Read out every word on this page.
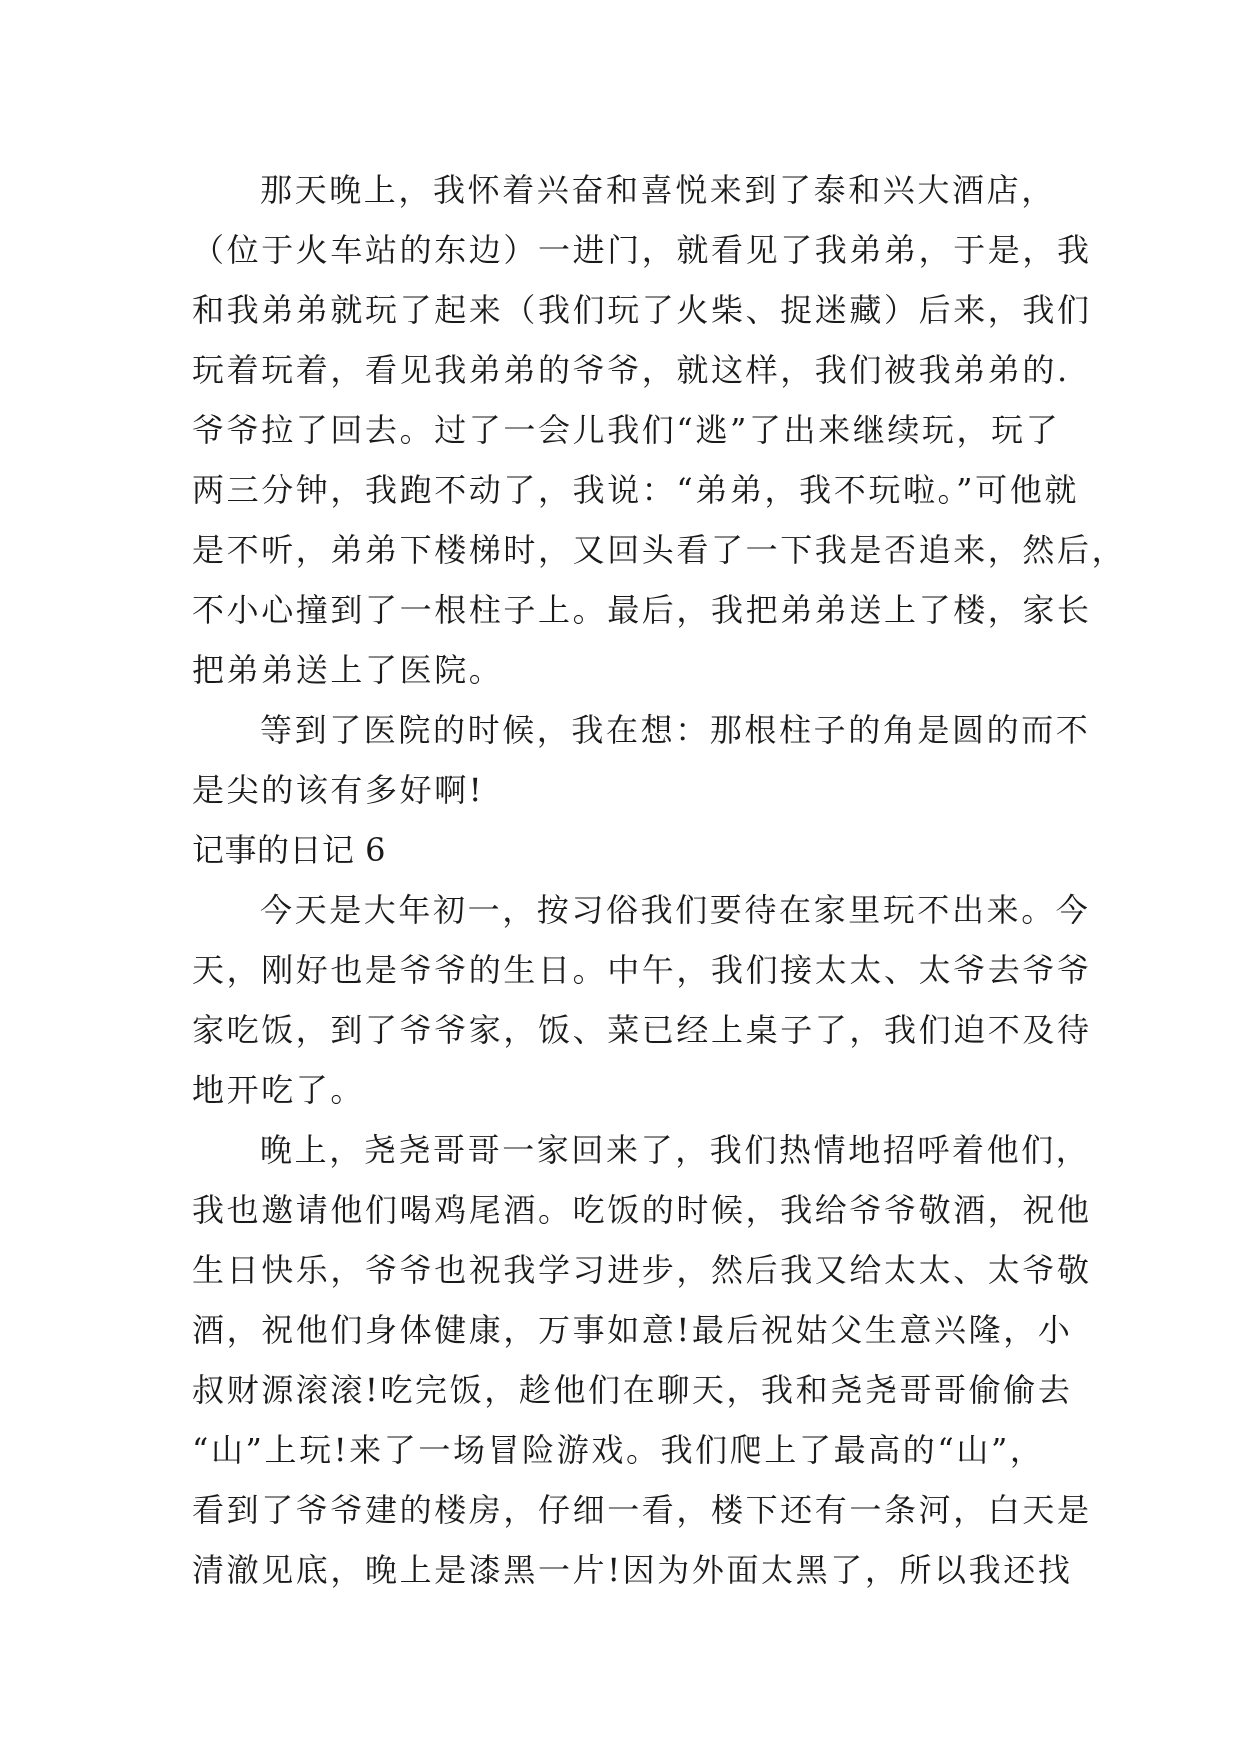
那天晚上，我怀着兴奋和喜悦来到了泰和兴大酒店，
（位于火车站的东边）一进门，就看见了我弟弟，于是，我
和我弟弟就玩了起来（我们玩了火柴、捉迷藏）后来，我们
玩着玩着，看见我弟弟的爷爷，就这样，我们被我弟弟的.
爷爷拉了回去。过了一会儿我们“逃”了出来继续玩，玩了
两三分钟，我跑不动了，我说：“弟弟，我不玩啦。”可他就
是不听，弟弟下楼梯时，又回头看了一下我是否追来，然后，
不小心撞到了一根柱子上。最后，我把弟弟送上了楼，家长
把弟弟送上了医院。
等到了医院的时候，我在想：那根柱子的角是圆的而不
是尖的该有多好啊!
记事的日记 6
今天是大年初一，按习俗我们要待在家里玩不出来。今
天，刚好也是爷爷的生日。中午，我们接太太、太爷去爷爷
家吃饭，到了爷爷家，饭、菜已经上桌子了，我们迫不及待
地开吃了。
晚上，尧尧哥哥一家回来了，我们热情地招呼着他们，
我也邀请他们喝鸡尾酒。吃饭的时候，我给爷爷敬酒，祝他
生日快乐，爷爷也祝我学习进步，然后我又给太太、太爷敬
酒，祝他们身体健康，万事如意!最后祝姑父生意兴隆，小
叔财源滚滚!吃完饭，趁他们在聊天，我和尧尧哥哥偷偷去
“山”上玩!来了一场冒险游戏。我们爬上了最高的“山”，
看到了爷爷建的楼房，仔细一看，楼下还有一条河，白天是
清澈见底，晚上是漆黑一片!因为外面太黑了，所以我还找
